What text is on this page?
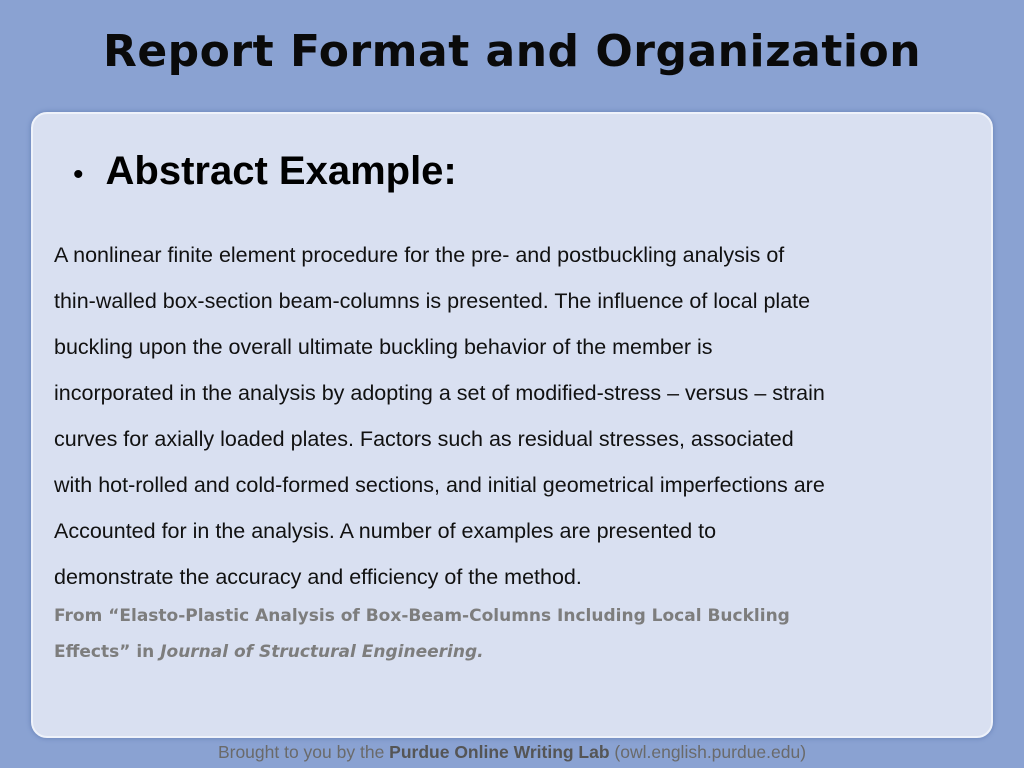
Report Format and Organization
• Abstract Example:

A nonlinear finite element procedure for the pre- and postbuckling analysis of
thin-walled box-section beam-columns is presented. The influence of local plate
buckling upon the overall ultimate buckling behavior of the member is
incorporated in the analysis by adopting a set of modified-stress – versus – strain
curves for axially loaded plates. Factors such as residual stresses, associated
with hot-rolled and cold-formed sections, and initial geometrical imperfections are
Accounted for in the analysis. A number of examples are presented to
demonstrate the accuracy and efficiency of the method.

From “Elasto-Plastic Analysis of Box-Beam-Columns Including Local Buckling
Effects” in Journal of Structural Engineering.

Brought to you by the Purdue Online Writing Lab (owl.english.purdue.edu)
